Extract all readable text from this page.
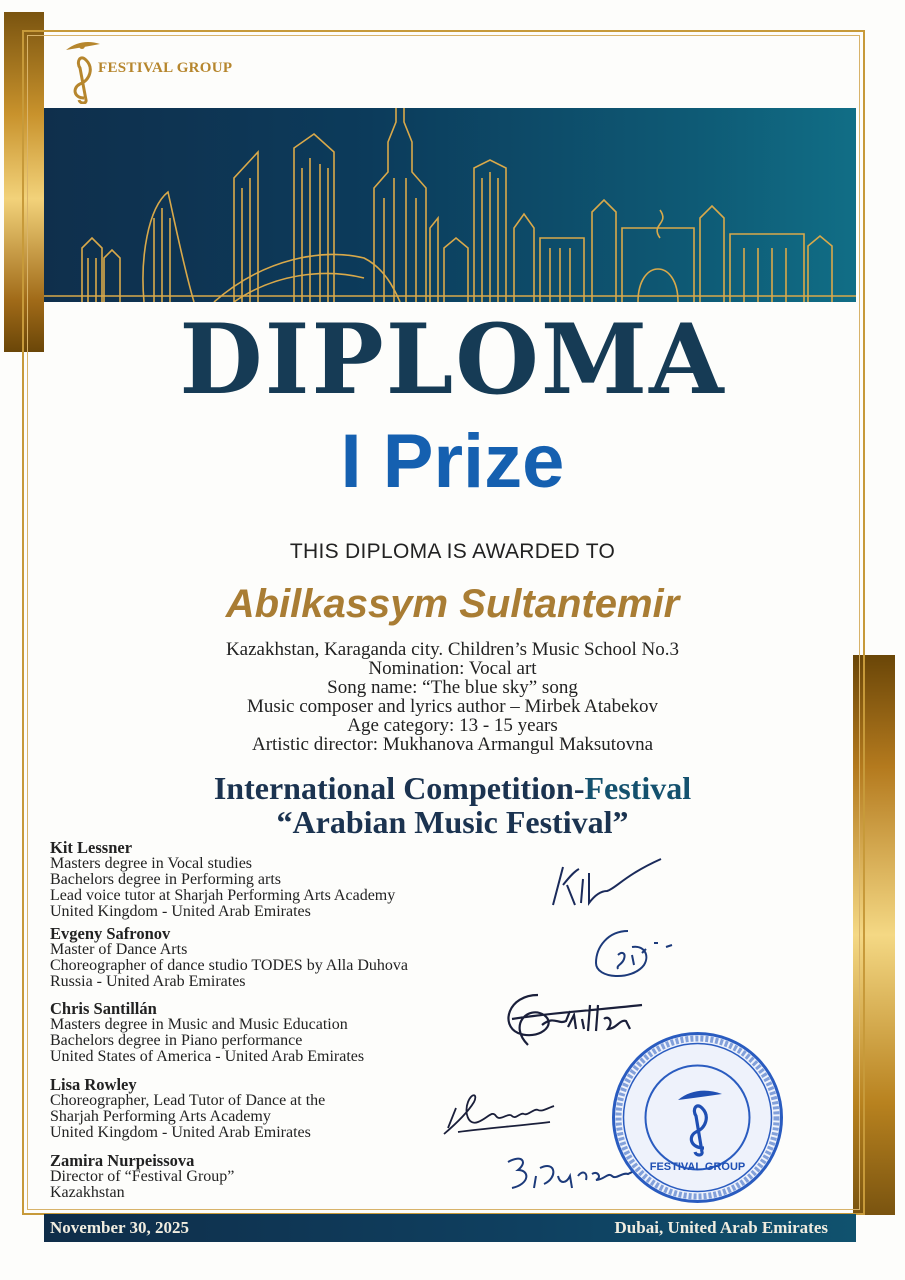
FESTIVAL GROUP
DIPLOMA
I Prize
THIS DIPLOMA IS AWARDED TO
Abilkassym Sultantemir
Kazakhstan, Karaganda city. Children’s Music School No.3
Nomination: Vocal art
Song name: “The blue sky” song
Music composer and lyrics author – Mirbek Atabekov
Age category: 13 - 15 years
Artistic director: Mukhanova Armangul Maksutovna
International Competition-Festival
“Arabian Music Festival”
Kit Lessner
Masters degree in Vocal studies
Bachelors degree in Performing arts
Lead voice tutor at Sharjah Performing Arts Academy
United Kingdom - United Arab Emirates
Evgeny Safronov
Master of Dance Arts
Choreographer of dance studio TODES by Alla Duhova
Russia - United Arab Emirates
Chris Santillán
Masters degree in Music and Music Education
Bachelors degree in Piano performance
United States of America - United Arab Emirates
Lisa Rowley
Choreographer, Lead Tutor of Dance at the
Sharjah Performing Arts Academy
United Kingdom - United Arab Emirates
Zamira Nurpeissova
Director of “Festival Group”
Kazakhstan
FESTIVAL GROUP
November 30, 2025	Dubai, United Arab Emirates
